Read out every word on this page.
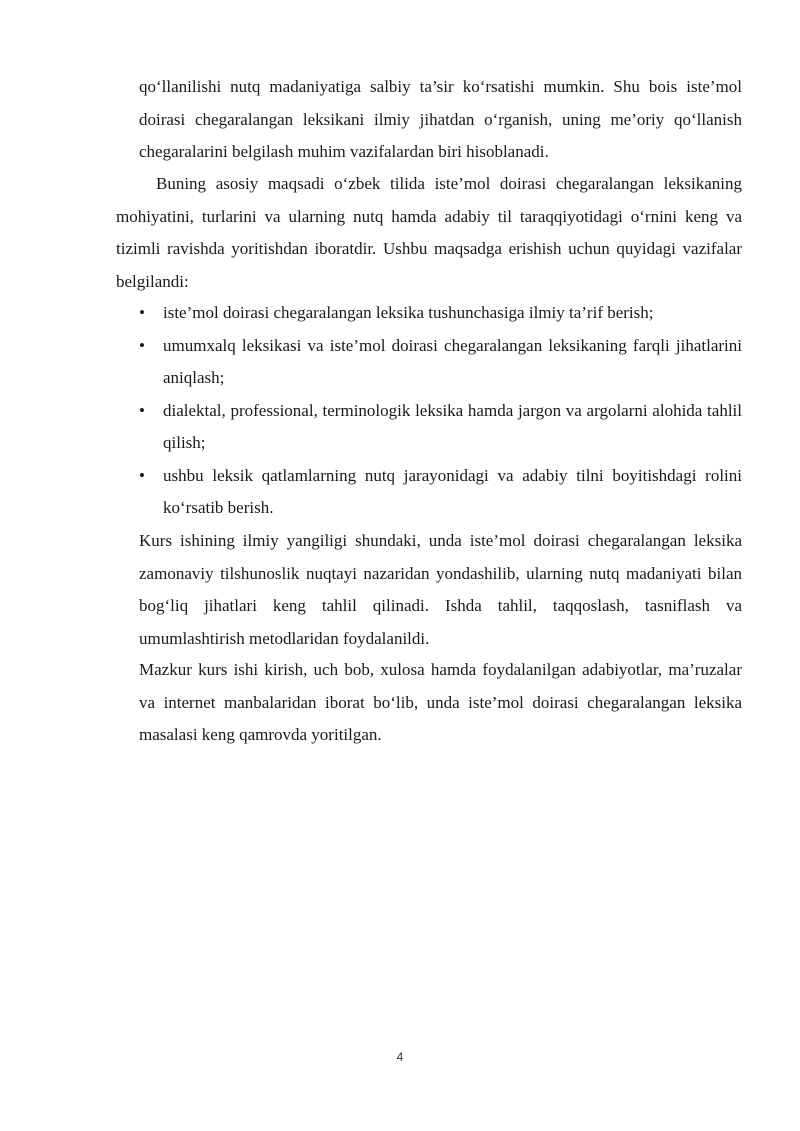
qo‘llanilishi nutq madaniyatiga salbiy ta’sir ko‘rsatishi mumkin. Shu bois iste’mol doirasi chegaralangan leksikani ilmiy jihatdan o‘rganish, uning me’oriy qo‘llanish chegaralarini belgilash muhim vazifalardan biri hisoblanadi.

Buning asosiy maqsadi o‘zbek tilida iste’mol doirasi chegaralangan leksikaning mohiyatini, turlarini va ularning nutq hamda adabiy til taraqqiyotidagi o‘rnini keng va tizimli ravishda yoritishdan iboratdir. Ushbu maqsadga erishish uchun quyidagi vazifalar belgilandi:

• iste’mol doirasi chegaralangan leksika tushunchasiga ilmiy ta’rif berish;
• umumxalq leksikasi va iste’mol doirasi chegaralangan leksikaning farqli jihatlarini aniqlash;
• dialektal, professional, terminologik leksika hamda jargon va argolarni alohida tahlil qilish;
• ushbu leksik qatlamlarning nutq jarayonidagi va adabiy tilni boyitishdagi rolini ko‘rsatib berish.

Kurs ishining ilmiy yangiligi shundaki, unda iste’mol doirasi chegaralangan leksika zamonaviy tilshunoslik nuqtayi nazaridan yondashilib, ularning nutq madaniyati bilan bog‘liq jihatlari keng tahlil qilinadi. Ishda tahlil, taqqoslash, tasniflash va umumlashtirish metodlaridan foydalanildi.

Mazkur kurs ishi kirish, uch bob, xulosa hamda foydalanilgan adabiyotlar, ma’ruzalar va internet manbalaridan iborat bo‘lib, unda iste’mol doirasi chegaralangan leksika masalasi keng qamrovda yoritilgan.

4
